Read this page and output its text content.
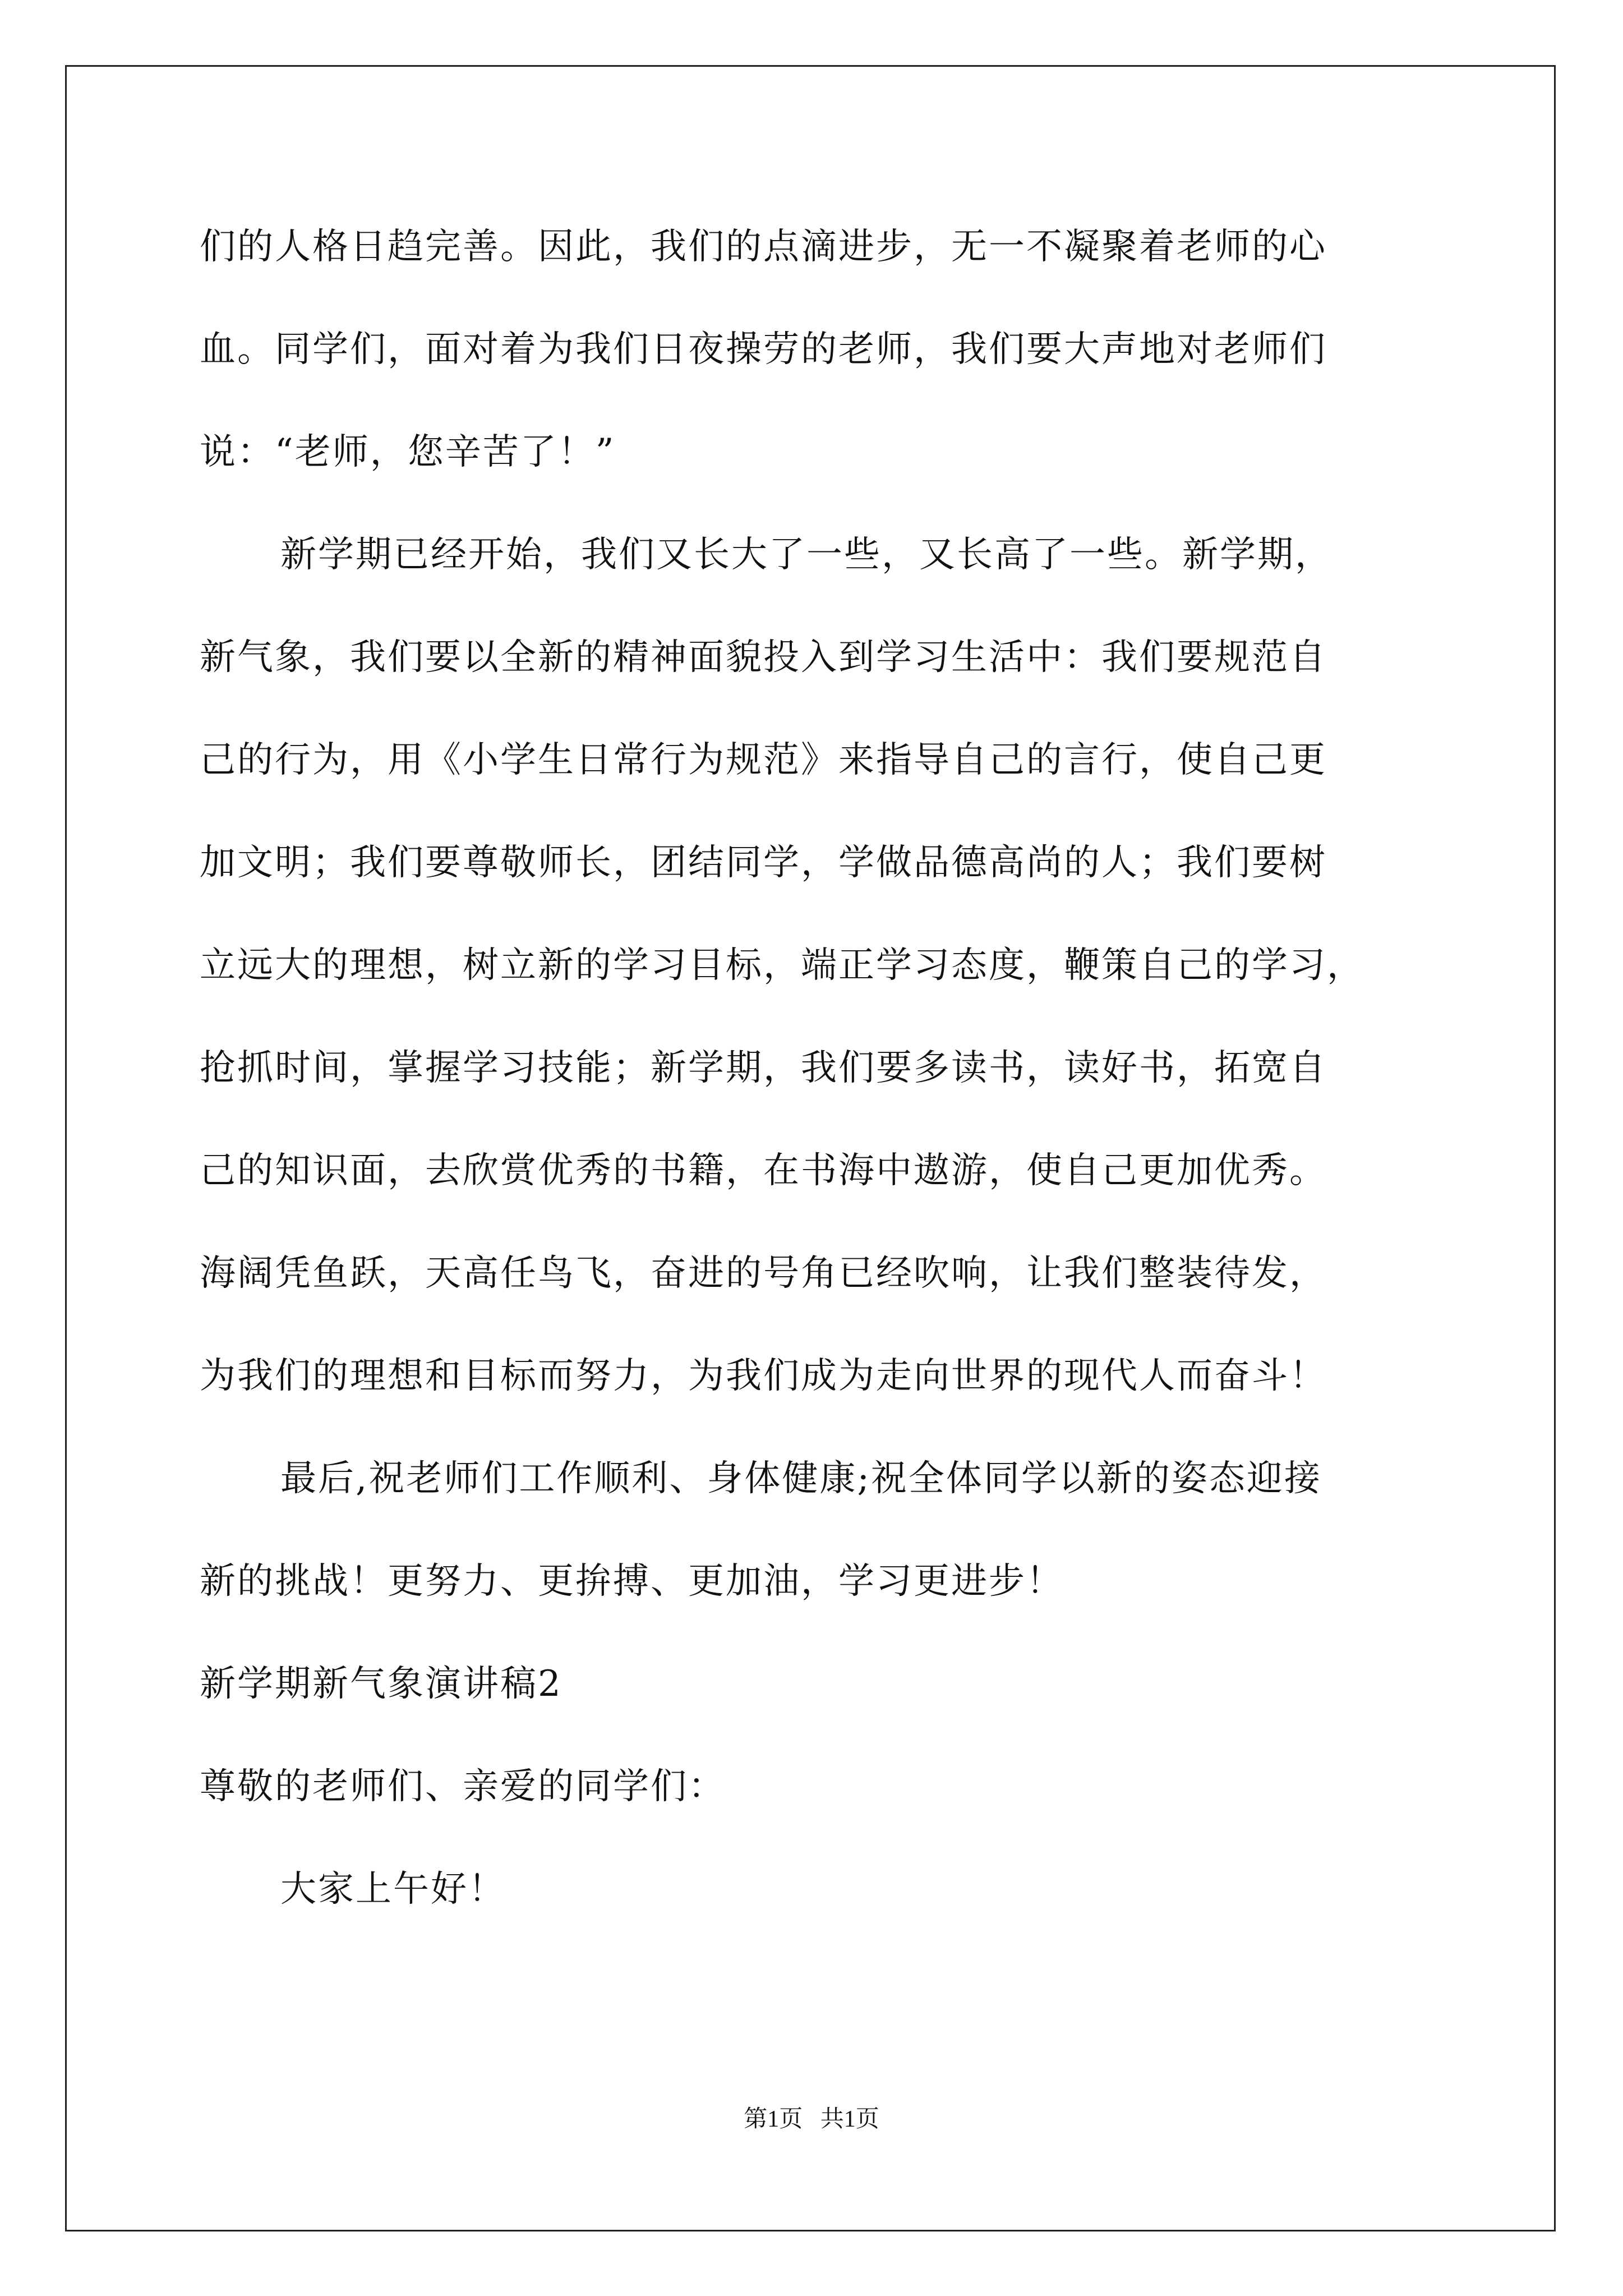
们的人格日趋完善。因此，我们的点滴进步，无一不凝聚着老师的心
血。同学们，面对着为我们日夜操劳的老师，我们要大声地对老师们
说：“老师，您辛苦了！”
新学期已经开始，我们又长大了一些，又长高了一些。新学期，
新气象，我们要以全新的精神面貌投入到学习生活中：我们要规范自
己的行为，用《小学生日常行为规范》来指导自己的言行，使自己更
加文明；我们要尊敬师长，团结同学，学做品德高尚的人；我们要树
立远大的理想，树立新的学习目标，端正学习态度，鞭策自己的学习，
抢抓时间，掌握学习技能；新学期，我们要多读书，读好书，拓宽自
己的知识面，去欣赏优秀的书籍，在书海中遨游，使自己更加优秀。
海阔凭鱼跃，天高任鸟飞，奋进的号角已经吹响，让我们整装待发，
为我们的理想和目标而努力，为我们成为走向世界的现代人而奋斗！
最后,祝老师们工作顺利、身体健康;祝全体同学以新的姿态迎接
新的挑战！更努力、更拚搏、更加油，学习更进步！
新学期新气象演讲稿2
尊敬的老师们、亲爱的同学们：
大家上午好！
第1页   共1页
